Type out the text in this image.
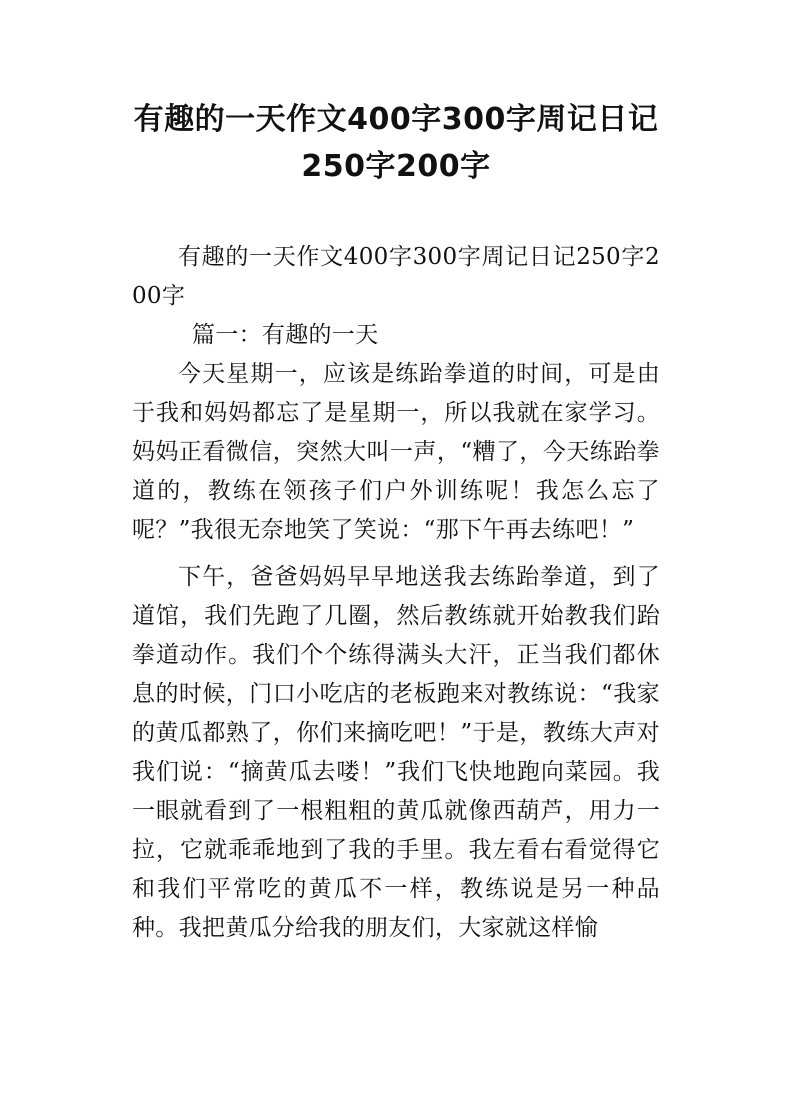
有趣的一天作文400字300字周记日记250字200字

有趣的一天作文400字300字周记日记250字200字

篇一：有趣的一天

今天星期一，应该是练跆拳道的时间，可是由于我和妈妈都忘了是星期一，所以我就在家学习。妈妈正看微信，突然大叫一声，“糟了，今天练跆拳道的，教练在领孩子们户外训练呢！我怎么忘了呢？”我很无奈地笑了笑说：“那下午再去练吧！”

下午，爸爸妈妈早早地送我去练跆拳道，到了道馆，我们先跑了几圈，然后教练就开始教我们跆拳道动作。我们个个练得满头大汗，正当我们都休息的时候，门口小吃店的老板跑来对教练说：“我家的黄瓜都熟了，你们来摘吃吧！”于是，教练大声对我们说：“摘黄瓜去喽！”我们飞快地跑向菜园。我一眼就看到了一根粗粗的黄瓜就像西葫芦，用力一拉，它就乖乖地到了我的手里。我左看右看觉得它和我们平常吃的黄瓜不一样，教练说是另一种品种。我把黄瓜分给我的朋友们，大家就这样愉
